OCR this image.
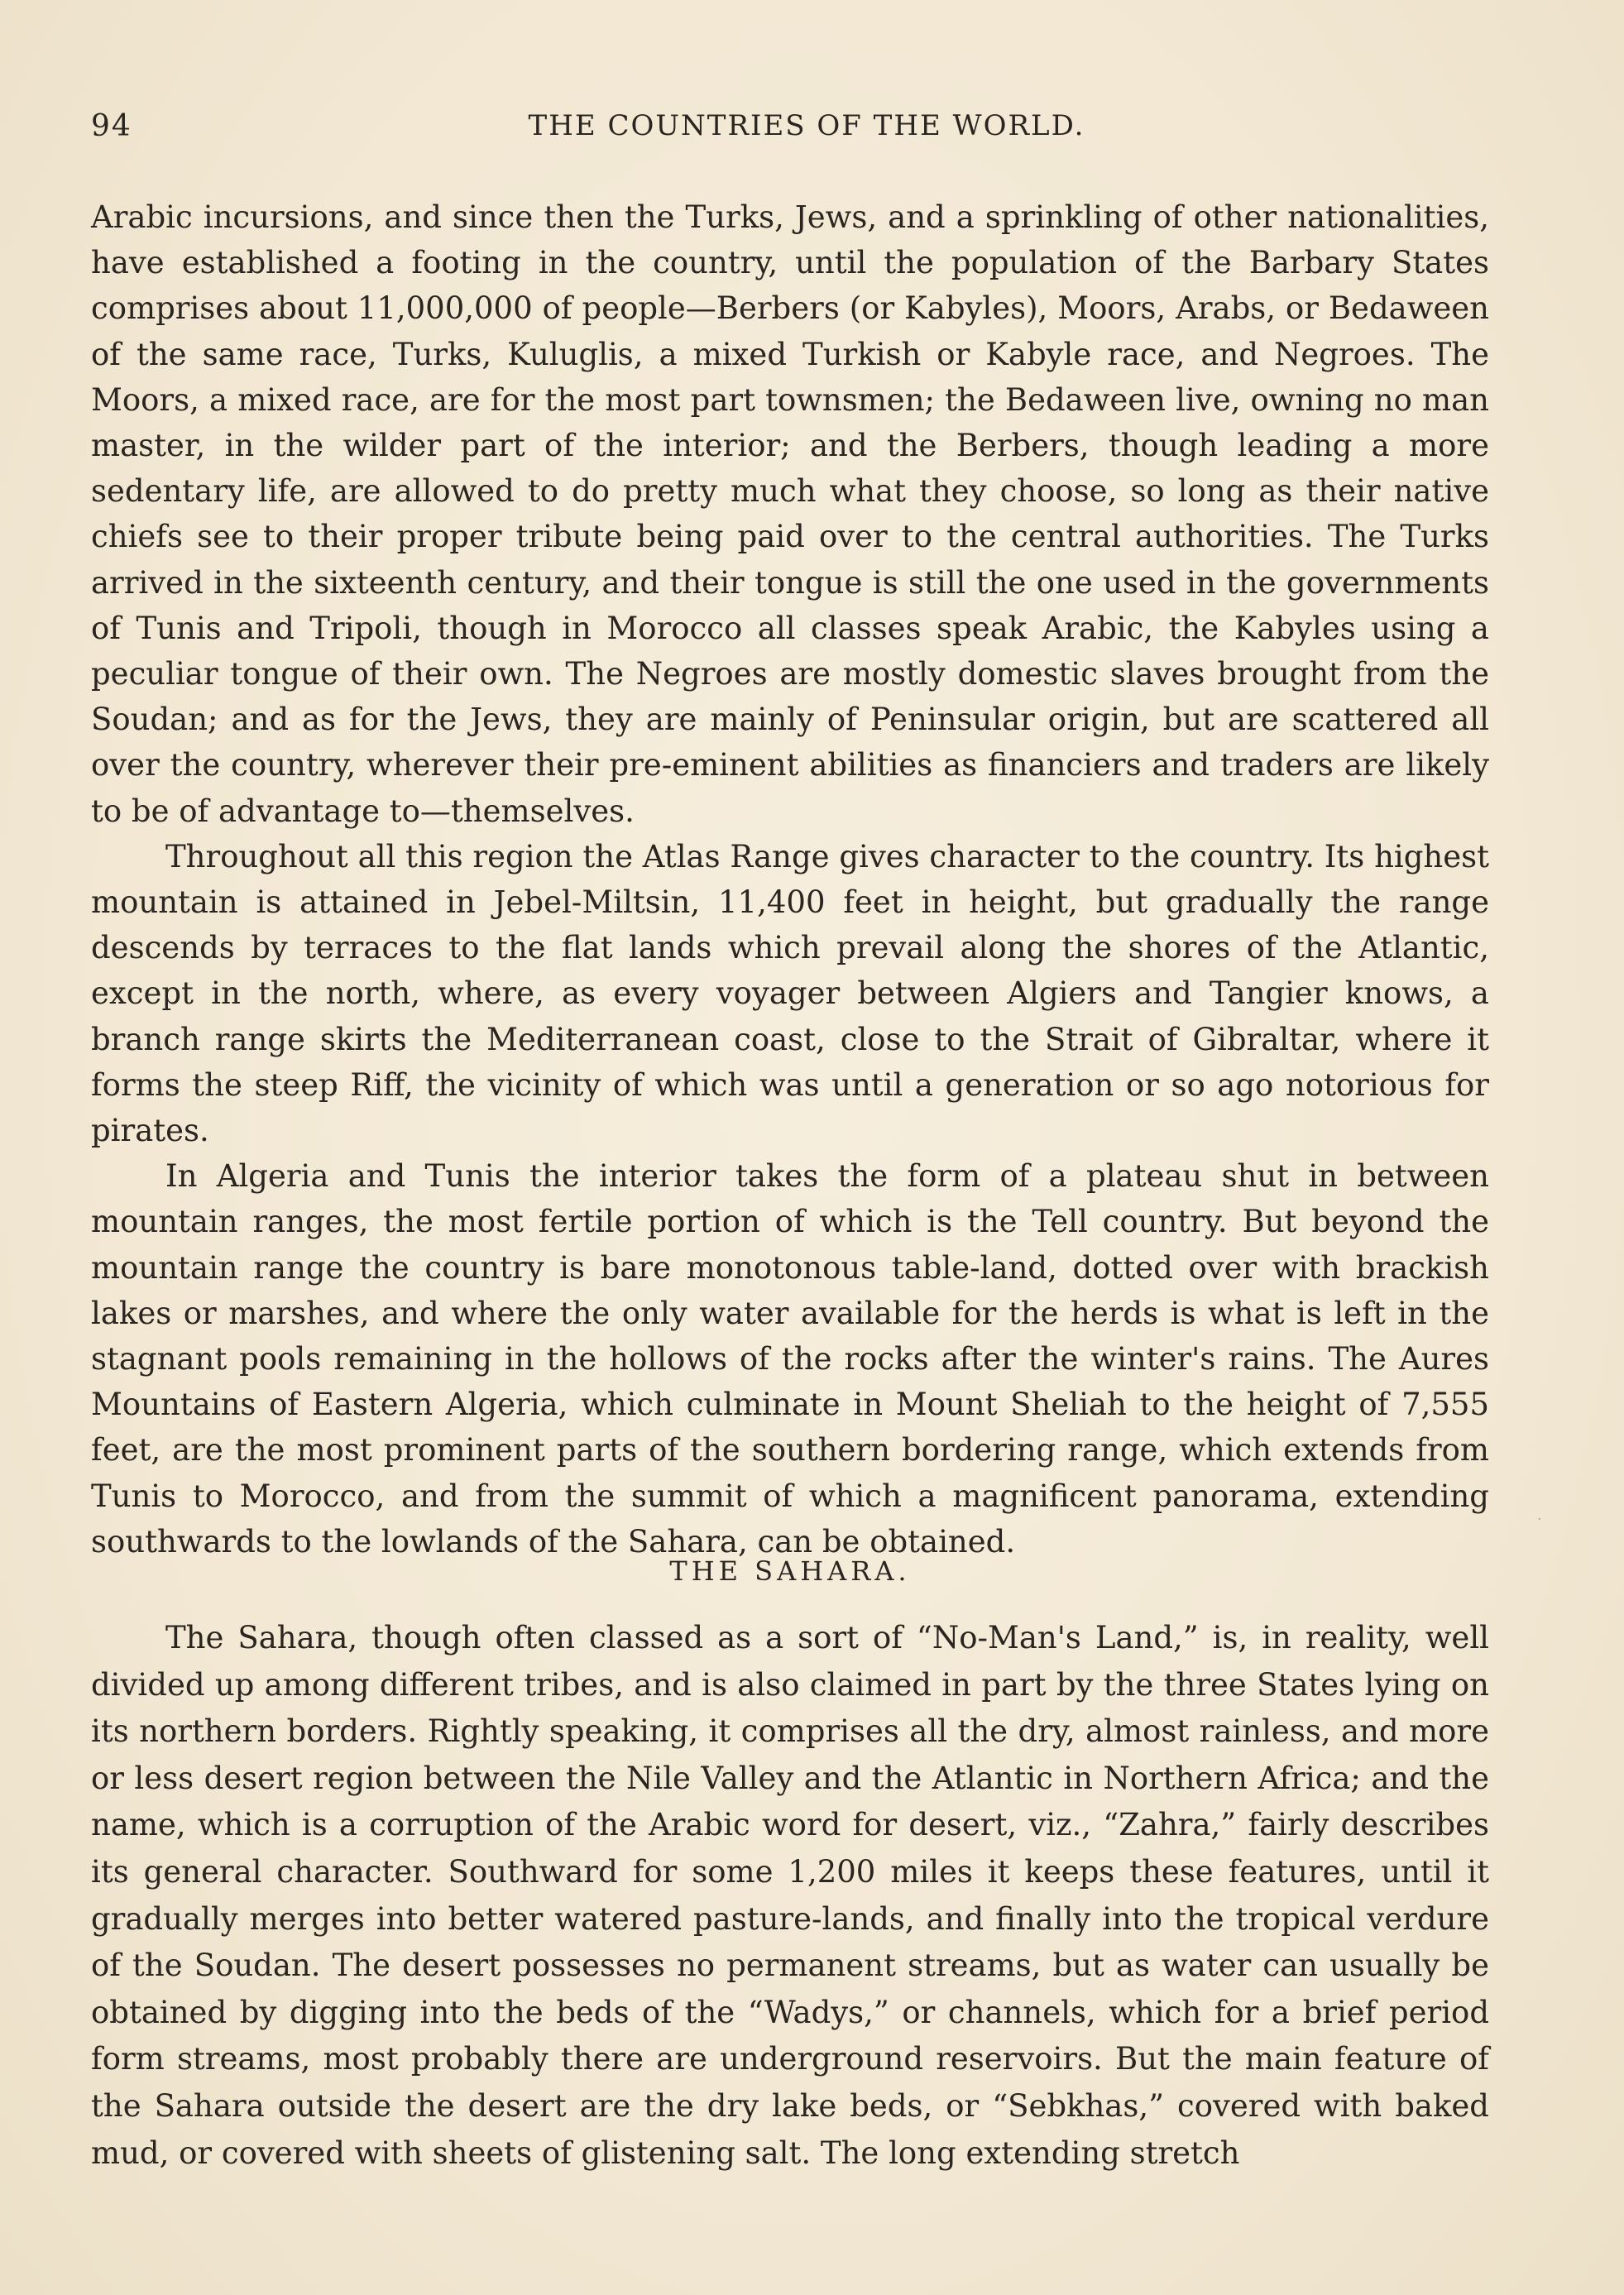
94	THE COUNTRIES OF THE WORLD.

Arabic incursions, and since then the Turks, Jews, and a sprinkling of other nationalities, have established a footing in the country, until the population of the Barbary States comprises about 11,000,000 of people—Berbers (or Kabyles), Moors, Arabs, or Bedaween of the same race, Turks, Kuluglis, a mixed Turkish or Kabyle race, and Negroes. The Moors, a mixed race, are for the most part townsmen; the Bedaween live, owning no man master, in the wilder part of the interior; and the Berbers, though leading a more sedentary life, are allowed to do pretty much what they choose, so long as their native chiefs see to their proper tribute being paid over to the central authorities. The Turks arrived in the sixteenth century, and their tongue is still the one used in the governments of Tunis and Tripoli, though in Morocco all classes speak Arabic, the Kabyles using a peculiar tongue of their own. The Negroes are mostly domestic slaves brought from the Soudan; and as for the Jews, they are mainly of Peninsular origin, but are scattered all over the country, wherever their pre-eminent abilities as financiers and traders are likely to be of advantage to—themselves.

Throughout all this region the Atlas Range gives character to the country. Its highest mountain is attained in Jebel-Miltsin, 11,400 feet in height, but gradually the range descends by terraces to the flat lands which prevail along the shores of the Atlantic, except in the north, where, as every voyager between Algiers and Tangier knows, a branch range skirts the Mediterranean coast, close to the Strait of Gibraltar, where it forms the steep Riff, the vicinity of which was until a generation or so ago notorious for pirates.

In Algeria and Tunis the interior takes the form of a plateau shut in between mountain ranges, the most fertile portion of which is the Tell country. But beyond the mountain range the country is bare monotonous table-land, dotted over with brackish lakes or marshes, and where the only water available for the herds is what is left in the stagnant pools remaining in the hollows of the rocks after the winter's rains. The Aures Mountains of Eastern Algeria, which culminate in Mount Sheliah to the height of 7,555 feet, are the most prominent parts of the southern bordering range, which extends from Tunis to Morocco, and from the summit of which a magnificent panorama, extending southwards to the lowlands of the Sahara, can be obtained.

·
THE SAHARA.

The Sahara, though often classed as a sort of “No-Man's Land,” is, in reality, well divided up among different tribes, and is also claimed in part by the three States lying on its northern borders. Rightly speaking, it comprises all the dry, almost rainless, and more or less desert region between the Nile Valley and the Atlantic in Northern Africa; and the name, which is a corruption of the Arabic word for desert, viz., “Zahra,” fairly describes its general character. Southward for some 1,200 miles it keeps these features, until it gradually merges into better watered pasture-lands, and finally into the tropical verdure of the Soudan. The desert possesses no permanent streams, but as water can usually be obtained by digging into the beds of the “Wadys,” or channels, which for a brief period form streams, most probably there are underground reservoirs. But the main feature of the Sahara outside the desert are the dry lake beds, or “Sebkhas,” covered with baked mud, or covered with sheets of glistening salt. The long extending stretch
